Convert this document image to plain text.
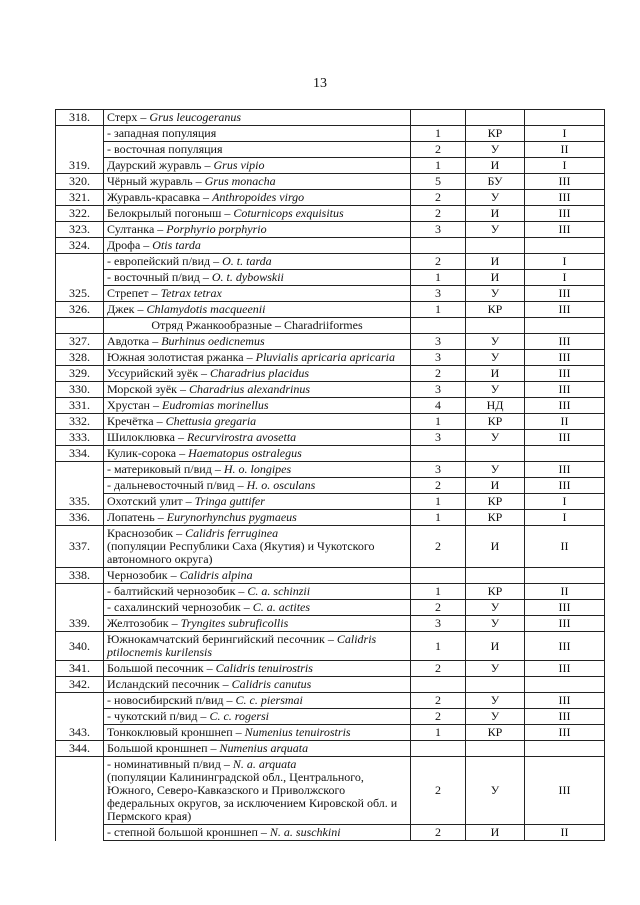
13
318.	Стерх – Grus leucogeranus			
	- западная популяция	1	КР	I
	- восточная популяция	2	У	II
319.	Даурский журавль – Grus vipio	1	И	I
320.	Чёрный журавль – Grus monacha	5	БУ	III
321.	Журавль-красавка – Anthropoides virgo	2	У	III
322.	Белокрылый погоныш – Coturnicops exquisitus	2	И	III
323.	Султанка – Porphyrio porphyrio	3	У	III
324.	Дрофа – Otis tarda			
	- европейский п/вид – O. t. tarda	2	И	I
	- восточный п/вид – O. t. dybowskii	1	И	I
325.	Стрепет – Tetrax tetrax	3	У	III
326.	Джек – Chlamydotis macqueenii	1	КР	III
	Отряд Ржанкообразные – Charadriiformes			
327.	Авдотка – Burhinus oedicnemus	3	У	III
328.	Южная золотистая ржанка – Pluvialis apricaria apricaria	3	У	III
329.	Уссурийский зуёк – Charadrius placidus	2	И	III
330.	Морской зуёк – Charadrius alexandrinus	3	У	III
331.	Хрустан – Eudromias morinellus	4	НД	III
332.	Кречётка – Chettusia gregaria	1	КР	II
333.	Шилоклювка – Recurvirostra avosetta	3	У	III
334.	Кулик-сорока – Haematopus ostralegus			
	- материковый п/вид – H. o. longipes	3	У	III
	- дальневосточный п/вид – H. o. osculans	2	И	III
335.	Охотский улит – Tringa guttifer	1	КР	I
336.	Лопатень – Eurynorhynchus pygmaeus	1	КР	I
337.	Краснозобик – Calidris ferruginea
(популяции Республики Саха (Якутия) и Чукотского автономного округа)	2	И	II
338.	Чернозобик – Calidris alpina			
	- балтийский чернозобик – C. a. schinzii	1	КР	II
	- сахалинский чернозобик – C. a. actites	2	У	III
339.	Желтозобик – Tryngites subruficollis	3	У	III
340.	Южнокамчатский берингийский песочник – Calidris ptilocnemis kurilensis	1	И	III
341.	Большой песочник – Calidris tenuirostris	2	У	III
342.	Исландский песочник – Calidris canutus			
	- новосибирский п/вид – C. c. piersmai	2	У	III
	- чукотский п/вид – C. c. rogersi	2	У	III
343.	Тонкоклювый кроншнеп – Numenius tenuirostris	1	КР	III
344.	Большой кроншнеп – Numenius arquata			
	- номинативный п/вид – N. a. arquata
(популяции Калининградской обл., Центрального, Южного, Северо-Кавказского и Приволжского федеральных округов, за исключением Кировской обл. и Пермского края)	2	У	III
	- степной большой кроншнеп – N. a. suschkini	2	И	II
